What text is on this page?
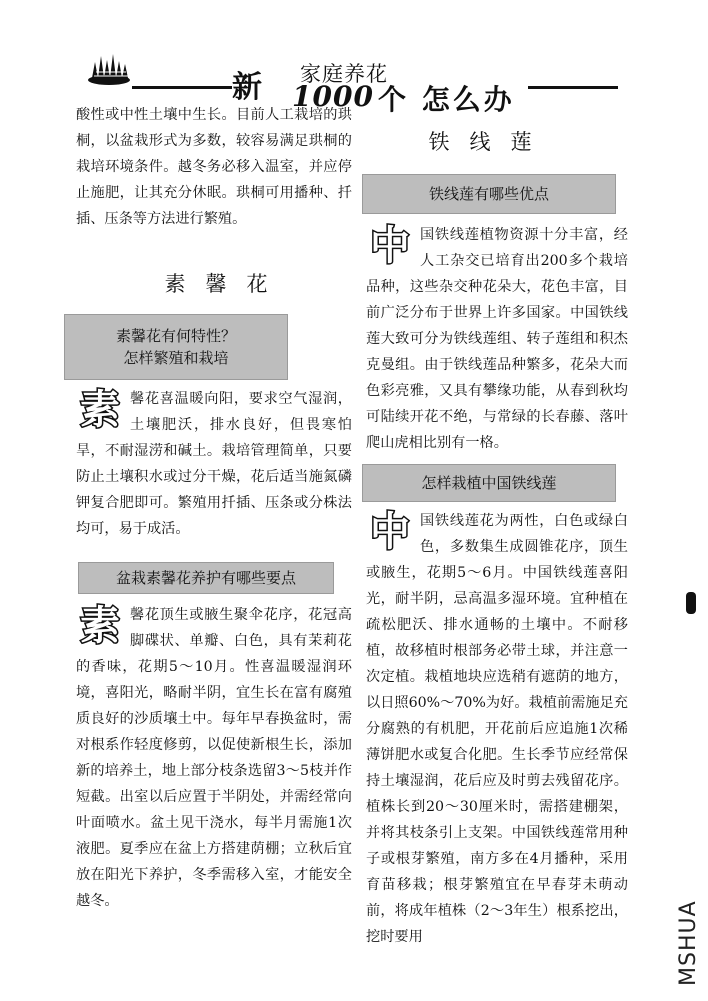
新 家庭养花
1000 个 怎么办

酸性或中性土壤中生长。目前人工栽培的珙桐，以盆栽形式为多数，较容易满足珙桐的栽培环境条件。越冬务必移入温室，并应停止施肥，让其充分休眠。珙桐可用播种、扦插、压条等方法进行繁殖。

素馨花
素馨花有何特性？
怎样繁殖和栽培
素 馨花喜温暖向阳，要求空气湿润，土壤肥沃，排水良好，但畏寒怕旱，不耐湿涝和碱土。栽培管理简单，只要防止土壤积水或过分干燥，花后适当施氮磷钾复合肥即可。繁殖用扦插、压条或分株法均可，易于成活。

盆栽素馨花养护有哪些要点
素 馨花顶生或腋生聚伞花序，花冠高脚碟状、单瓣、白色，具有茉莉花的香味，花期5～10月。性喜温暖湿润环境，喜阳光，略耐半阴，宜生长在富有腐殖质良好的沙质壤土中。每年早春换盆时，需对根系作轻度修剪，以促使新根生长，添加新的培养土，地上部分枝条选留3～5枝并作短截。出室以后应置于半阴处，并需经常向叶面喷水。盆土见干浇水，每半月需施1次液肥。夏季应在盆上方搭建荫棚；立秋后宜放在阳光下养护，冬季需移入室，才能安全越冬。

铁线莲
铁线莲有哪些优点
中 国铁线莲植物资源十分丰富，经人工杂交已培育出200多个栽培品种，这些杂交种花朵大，花色丰富，目前广泛分布于世界上许多国家。中国铁线莲大致可分为铁线莲组、转子莲组和积杰克曼组。由于铁线莲品种繁多，花朵大而色彩亮雅，又具有攀缘功能，从春到秋均可陆续开花不绝，与常绿的长春藤、落叶爬山虎相比别有一格。

怎样栽植中国铁线莲
中 国铁线莲花为两性，白色或绿白色，多数集生成圆锥花序，顶生或腋生，花期5～6月。中国铁线莲喜阳光，耐半阴，忌高温多湿环境。宜种植在疏松肥沃、排水通畅的土壤中。不耐移植，故移植时根部务必带土球，并注意一次定植。栽植地块应选稍有遮荫的地方，以日照60%～70%为好。栽植前需施足充分腐熟的有机肥，开花前后应追施1次稀薄饼肥水或复合化肥。生长季节应经常保持土壤湿润，花后应及时剪去残留花序。植株长到20～30厘米时，需搭建棚架，并将其枝条引上支架。中国铁线莲常用种子或根芽繁殖，南方多在4月播种，采用育苗移栽；根芽繁殖宜在早春芽未萌动前，将成年植株（2～3年生）根系挖出，挖时要用	MSHUA
